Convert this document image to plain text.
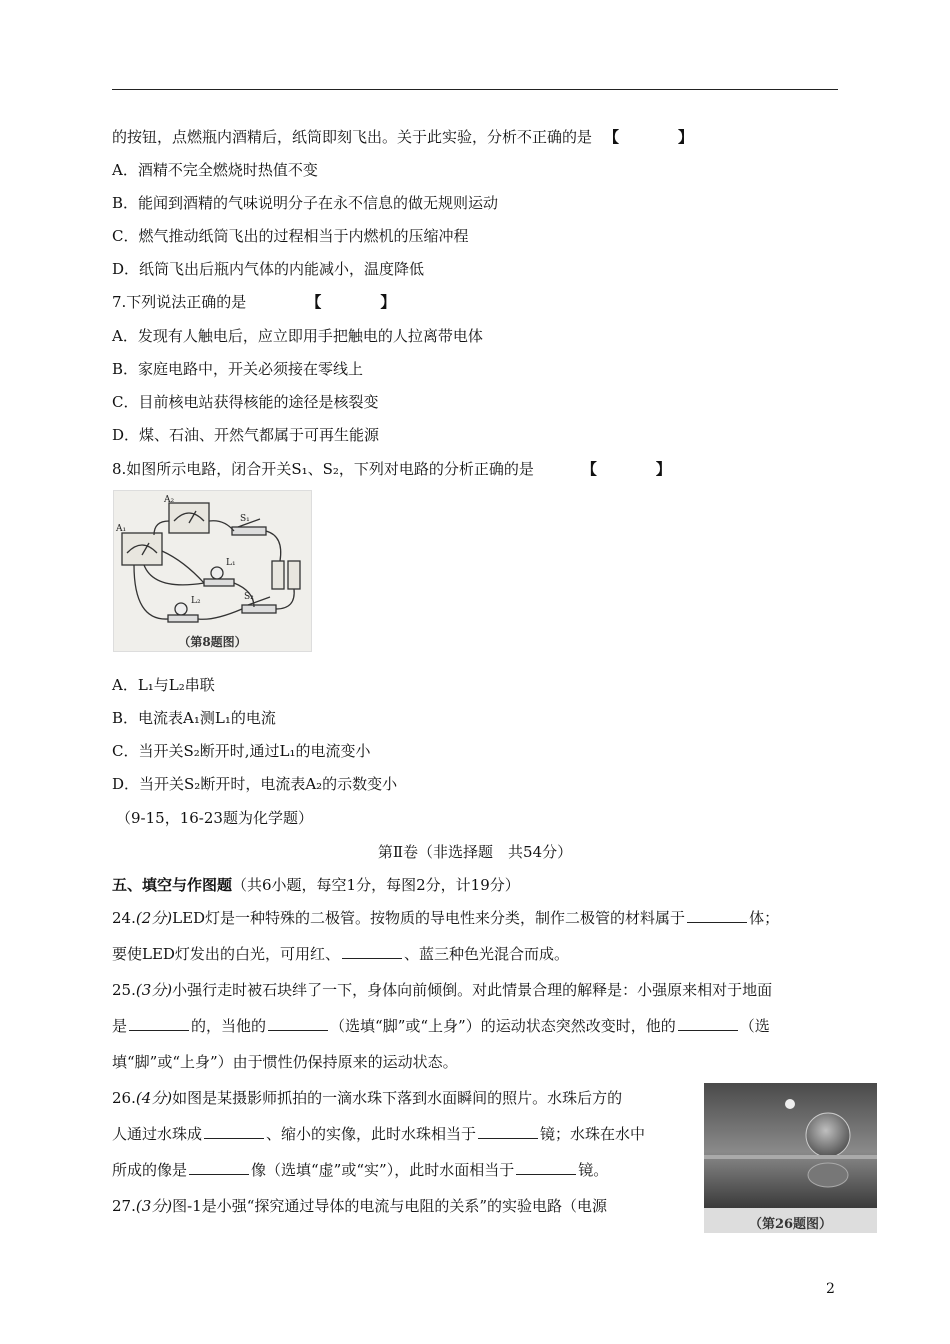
的按钮，点燃瓶内酒精后，纸筒即刻飞出。关于此实验，分析不正确的是 【　】
A．酒精不完全燃烧时热值不变
B．能闻到酒精的气味说明分子在永不信息的做无规则运动
C．燃气推动纸筒飞出的过程相当于内燃机的压缩冲程
D．纸筒飞出后瓶内气体的内能减小，温度降低
7.下列说法正确的是	【　】
A．发现有人触电后，应立即用手把触电的人拉离带电体
B．家庭电路中，开关必须接在零线上
C．目前核电站获得核能的途径是核裂变
D．煤、石油、开然气都属于可再生能源
8.如图所示电路，闭合开关S₁、S₂，下列对电路的分析正确的是	【　】
A₂
A₁
S₁
L₁
L₂	S₂
（第8题图）
A．L₁与L₂串联
B．电流表A₁测L₁的电流
C．当开关S₂断开时,通过L₁的电流变小
D．当开关S₂断开时，电流表A₂的示数变小
（9-15，16-23题为化学题）
第Ⅱ卷（非选择题　共54分）
五、填空与作图题（共6小题，每空1分，每图2分，计19分）
24.(2分)LED灯是一种特殊的二极管。按物质的导电性来分类，制作二极管的材料属于	体；
要使LED灯发出的白光，可用红、	、蓝三种色光混合而成。
25.(3分)小强行走时被石块绊了一下，身体向前倾倒。对此情景合理的解释是：小强原来相对于地面
是	的，当他的	（选填“脚”或“上身”）的运动状态突然改变时，他的	（选
填“脚”或“上身”）由于惯性仍保持原来的运动状态。
26.(4分)如图是某摄影师抓拍的一滴水珠下落到水面瞬间的照片。水珠后方的
人通过水珠成	、缩小的实像，此时水珠相当于	镜；水珠在水中
所成的像是	像（选填“虚”或“实”），此时水面相当于	镜。
（第26题图）
27.(3分)图-1是小强“探究通过导体的电流与电阻的关系”的实验电路（电源
2
